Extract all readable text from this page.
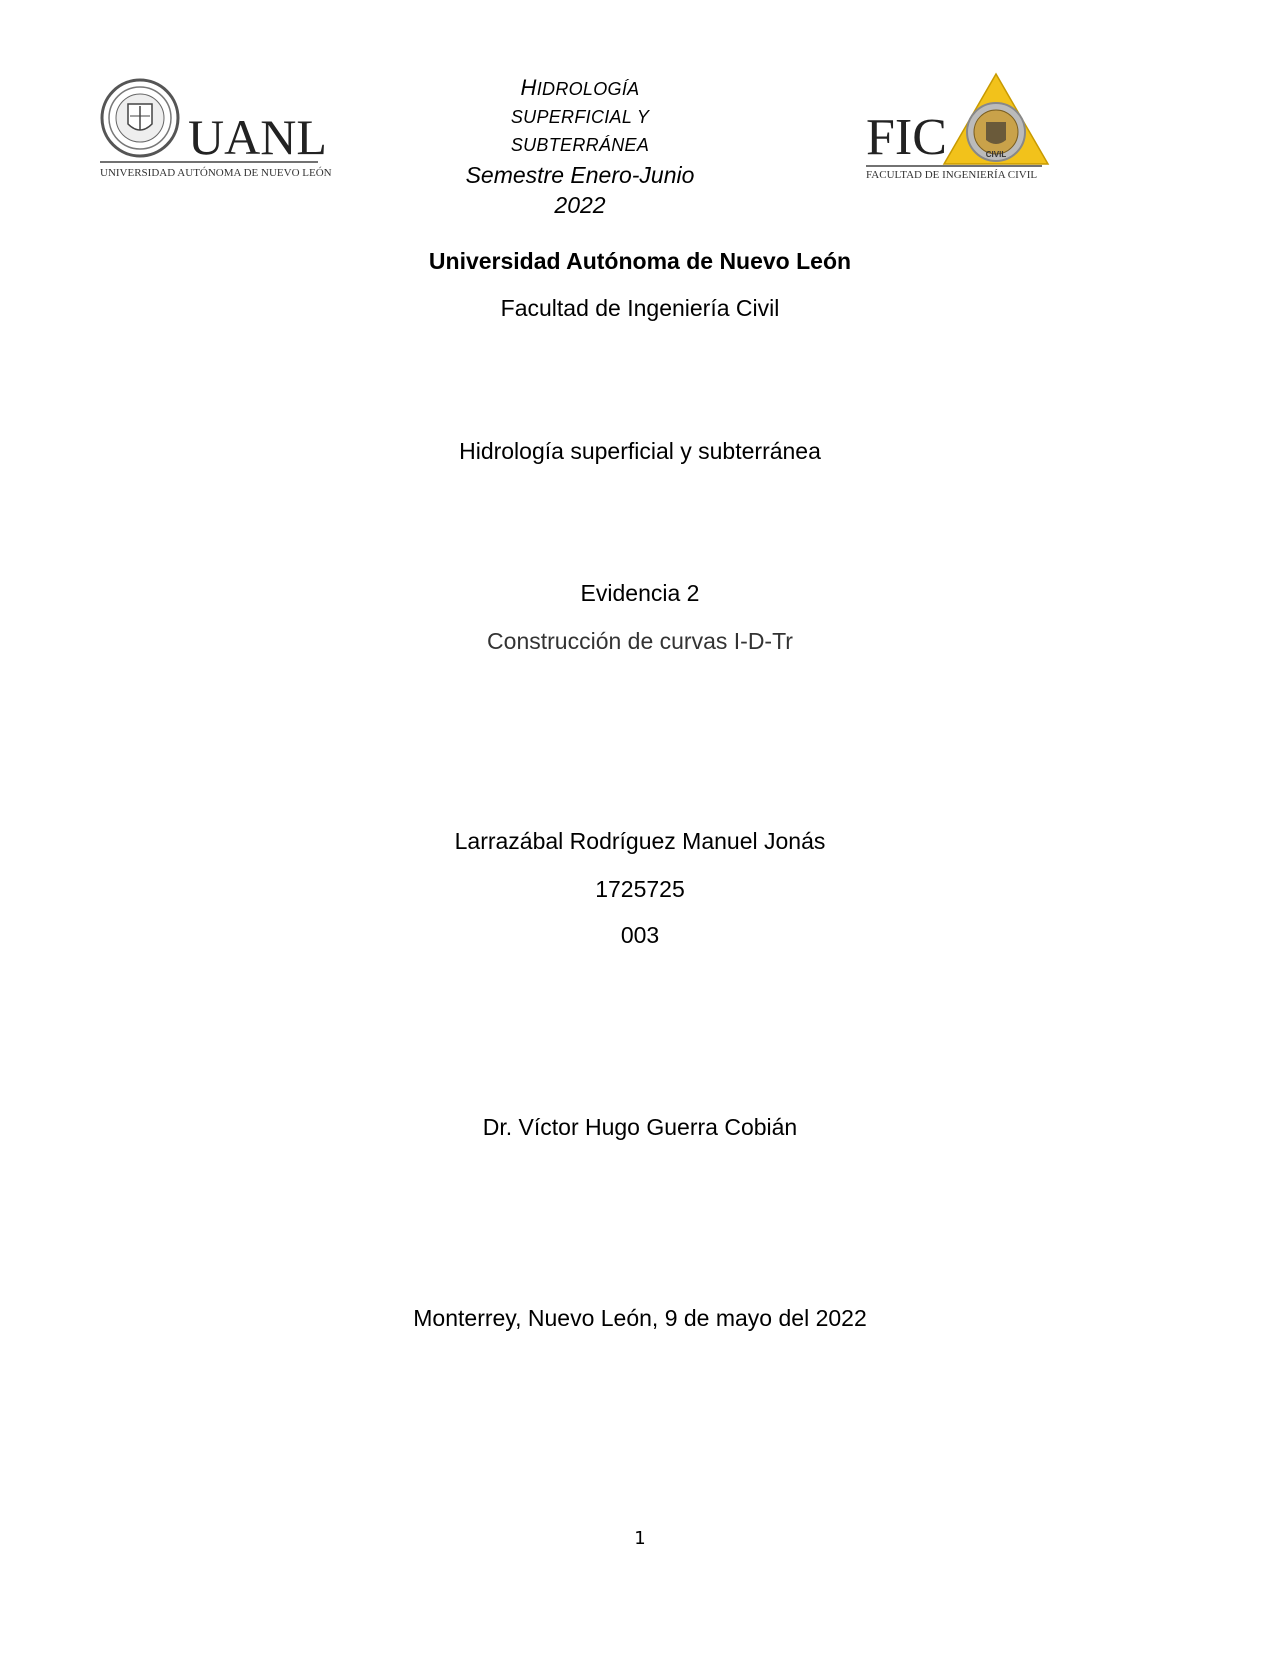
UANL
UNIVERSIDAD AUTÓNOMA DE NUEVO LEÓN
HIDROLOGÍA
SUPERFICIAL Y
SUBTERRÁNEA
Semestre Enero-Junio
2022
FIC	CIVIL
FACULTAD DE INGENIERÍA CIVIL
Universidad Autónoma de Nuevo León
Facultad de Ingeniería Civil
Hidrología superficial y subterránea
Evidencia 2
Construcción de curvas I-D-Tr
Larrazábal Rodríguez Manuel Jonás
1725725
003
Dr. Víctor Hugo Guerra Cobián
Monterrey, Nuevo León, 9 de mayo del 2022
1
